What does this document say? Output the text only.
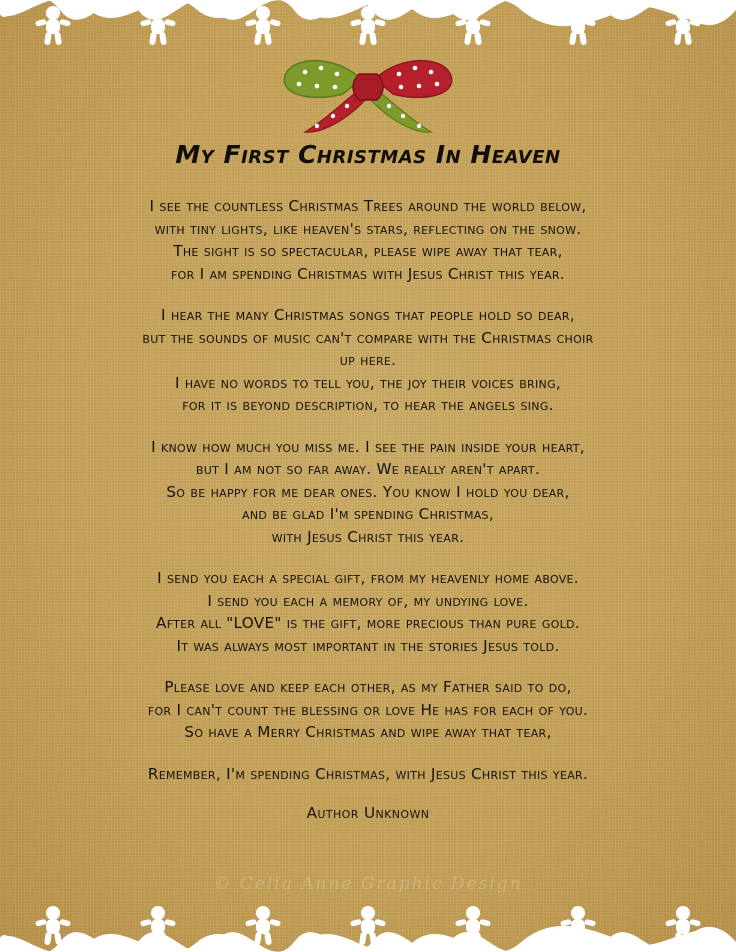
My First Christmas In Heaven

I see the countless Christmas Trees around the world below,
with tiny lights, like heaven's stars, reflecting on the snow.
The sight is so spectacular, please wipe away that tear,
for I am spending Christmas with Jesus Christ this year.

I hear the many Christmas songs that people hold so dear,
but the sounds of music can't compare with the Christmas choir
up here.
I have no words to tell you, the joy their voices bring,
for it is beyond description, to hear the angels sing.

I know how much you miss me. I see the pain inside your heart,
but I am not so far away. We really aren't apart.
So be happy for me dear ones. You know I hold you dear,
and be glad I'm spending Christmas,
with Jesus Christ this year.

I send you each a special gift, from my heavenly home above.
I send you each a memory of, my undying love.
After all "LOVE" is the gift, more precious than pure gold.
It was always most important in the stories Jesus told.

Please love and keep each other, as my Father said to do,
for I can't count the blessing or love He has for each of you.
So have a Merry Christmas and wipe away that tear,

Remember, I'm spending Christmas, with Jesus Christ this year.

Author Unknown

© Celia Anne Graphic Design
